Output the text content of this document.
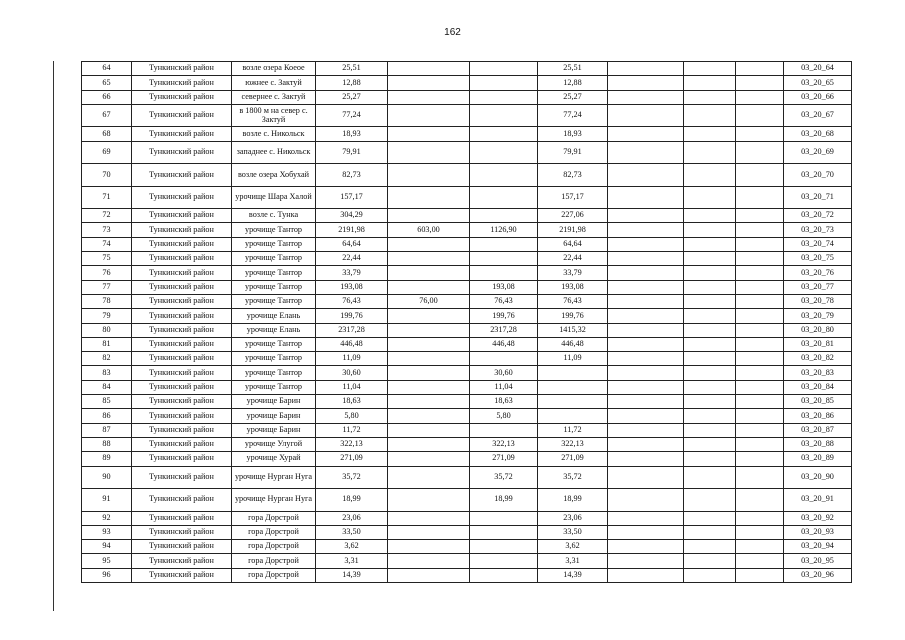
162
64	Тункинский район	возле озера Коеое	25,51			25,51				03_20_64
65	Тункинский район	южнее с. Зактуй	12,88			12,88				03_20_65
66	Тункинский район	севернее с. Зактуй	25,27			25,27				03_20_66
67	Тункинский район	в 1800 м на север с. Зактуй	77,24			77,24				03_20_67
68	Тункинский район	возле с. Никольск	18,93			18,93				03_20_68
69	Тункинский район	западнее с. Никольск	79,91			79,91				03_20_69
70	Тункинский район	возле озера Хобухай	82,73			82,73				03_20_70
71	Тункинский район	урочище Шара Халой	157,17			157,17				03_20_71
72	Тункинский район	возле с. Тунка	304,29			227,06				03_20_72
73	Тункинский район	урочище Тантор	2191,98	603,00	1126,90	2191,98				03_20_73
74	Тункинский район	урочище Тантор	64,64			64,64				03_20_74
75	Тункинский район	урочище Тантор	22,44			22,44				03_20_75
76	Тункинский район	урочище Тантор	33,79			33,79				03_20_76
77	Тункинский район	урочище Тантор	193,08		193,08	193,08				03_20_77
78	Тункинский район	урочище Тантор	76,43	76,00	76,43	76,43				03_20_78
79	Тункинский район	урочище Елань	199,76		199,76	199,76				03_20_79
80	Тункинский район	урочище Елань	2317,28		2317,28	1415,32				03_20_80
81	Тункинский район	урочище Тантор	446,48		446,48	446,48				03_20_81
82	Тункинский район	урочище Тантор	11,09			11,09				03_20_82
83	Тункинский район	урочище Тантор	30,60		30,60					03_20_83
84	Тункинский район	урочище Тантор	11,04		11,04					03_20_84
85	Тункинский район	урочище Барин	18,63		18,63					03_20_85
86	Тункинский район	урочище Барин	5,80		5,80					03_20_86
87	Тункинский район	урочище Барин	11,72			11,72				03_20_87
88	Тункинский район	урочище Улугой	322,13		322,13	322,13				03_20_88
89	Тункинский район	урочище Хурай	271,09		271,09	271,09				03_20_89
90	Тункинский район	урочище Нурган Нуга	35,72		35,72	35,72				03_20_90
91	Тункинский район	урочище Нурган Нуга	18,99		18,99	18,99				03_20_91
92	Тункинский район	гора Дорстрой	23,06			23,06				03_20_92
93	Тункинский район	гора Дорстрой	33,50			33,50				03_20_93
94	Тункинский район	гора Дорстрой	3,62			3,62				03_20_94
95	Тункинский район	гора Дорстрой	3,31			3,31				03_20_95
96	Тункинский район	гора Дорстрой	14,39			14,39				03_20_96
